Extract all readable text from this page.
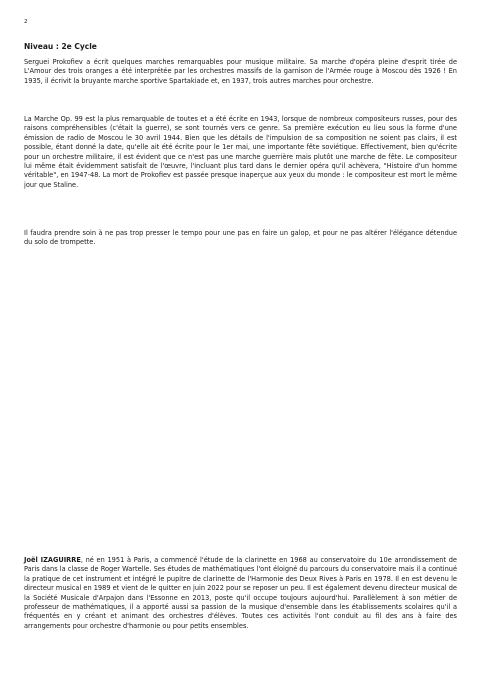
2
Niveau : 2e Cycle

Serguei Prokofiev a écrit quelques marches remarquables pour musique militaire. Sa marche d'opéra pleine d'esprit tirée de L'Amour des trois oranges a été interprétée par les orchestres massifs de la garnison de l'Armée rouge à Moscou dès 1926 ! En 1935, il écrivit la bruyante marche sportive Spartakiade et, en 1937, trois autres marches pour orchestre.

La Marche Op. 99 est la plus remarquable de toutes et a été écrite en 1943, lorsque de nombreux compositeurs russes, pour des raisons compréhensibles (c'était la guerre), se sont tournés vers ce genre. Sa première exécution eu lieu sous la forme d'une émission de radio de Moscou le 30 avril 1944. Bien que les détails de l'impulsion de sa composition ne soient pas clairs, il est possible, étant donné la date, qu'elle ait été écrite pour le 1er mai, une importante fête soviétique. Effectivement, bien qu'écrite pour un orchestre militaire, il est évident que ce n'est pas une marche guerrière mais plutôt une marche de fête. Le compositeur lui même était évidemment satisfait de l'œuvre, l'incluant plus tard dans le dernier opéra qu'il achèvera, "Histoire d'un homme véritable", en 1947-48. La mort de Prokofiev est passée presque inaperçue aux yeux du monde : le compositeur est mort le même jour que Staline.

Il faudra prendre soin à ne pas trop presser le tempo pour une pas en faire un galop, et pour ne pas altérer l'élégance détendue du solo de trompette.

Joël IZAGUIRRE, né en 1951 à Paris, a commencé l'étude de la clarinette en 1968 au conservatoire du 10e arrondissement de Paris dans la classe de Roger Wartelle. Ses études de mathématiques l'ont éloigné du parcours du conservatoire mais il a continué la pratique de cet instrument et intégré le pupitre de clarinette de l'Harmonie des Deux Rives à Paris en 1978. Il en est devenu le directeur musical en 1989 et vient de le quitter en juin 2022 pour se reposer un peu. Il est également devenu directeur musical de la Société Musicale d'Arpajon dans l'Essonne en 2013, poste qu'il occupe toujours aujourd'hui. Parallèlement à son métier de professeur de mathématiques, il a apporté aussi sa passion de la musique d'ensemble dans les établissements scolaires qu'il a fréquentés en y créant et animant des orchestres d'élèves. Toutes ces activités l'ont conduit au fil des ans à faire des arrangements pour orchestre d'harmonie ou pour petits ensembles.
